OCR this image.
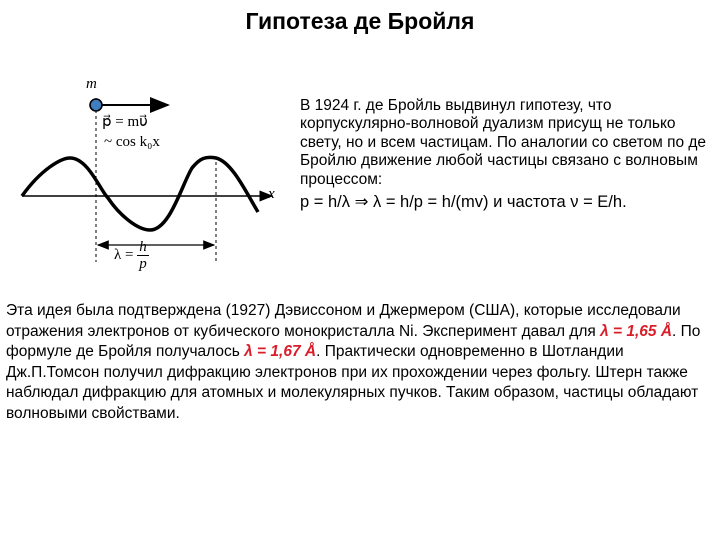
Гипотеза де Бройля
m
p⃗ = mυ⃗
~ cos k₀x
x
$\lambda = \frac{h}{p}$
В 1924 г. де Бройль выдвинул гипотезу, что корпускулярно-волновой дуализм присущ не только свету, но и всем частицам. По аналогии со светом по де Бройлю движение любой частицы связано с волновым процессом:
p = h/λ ⇒ λ = h/p = h/(mv) и частота ν = E/h.
Эта идея была подтверждена (1927) Дэвиссоном и Джермером (США), которые исследовали отражения электронов от кубического монокристалла Ni. Эксперимент давал для λ = 1,65 Å. По формуле де Бройля получалось λ = 1,67 Å. Практически одновременно в Шотландии Дж.П.Томсон получил дифракцию электронов при их прохождении через фольгу. Штерн также наблюдал дифракцию для атомных и молекулярных пучков. Таким образом, частицы обладают волновыми свойствами.
